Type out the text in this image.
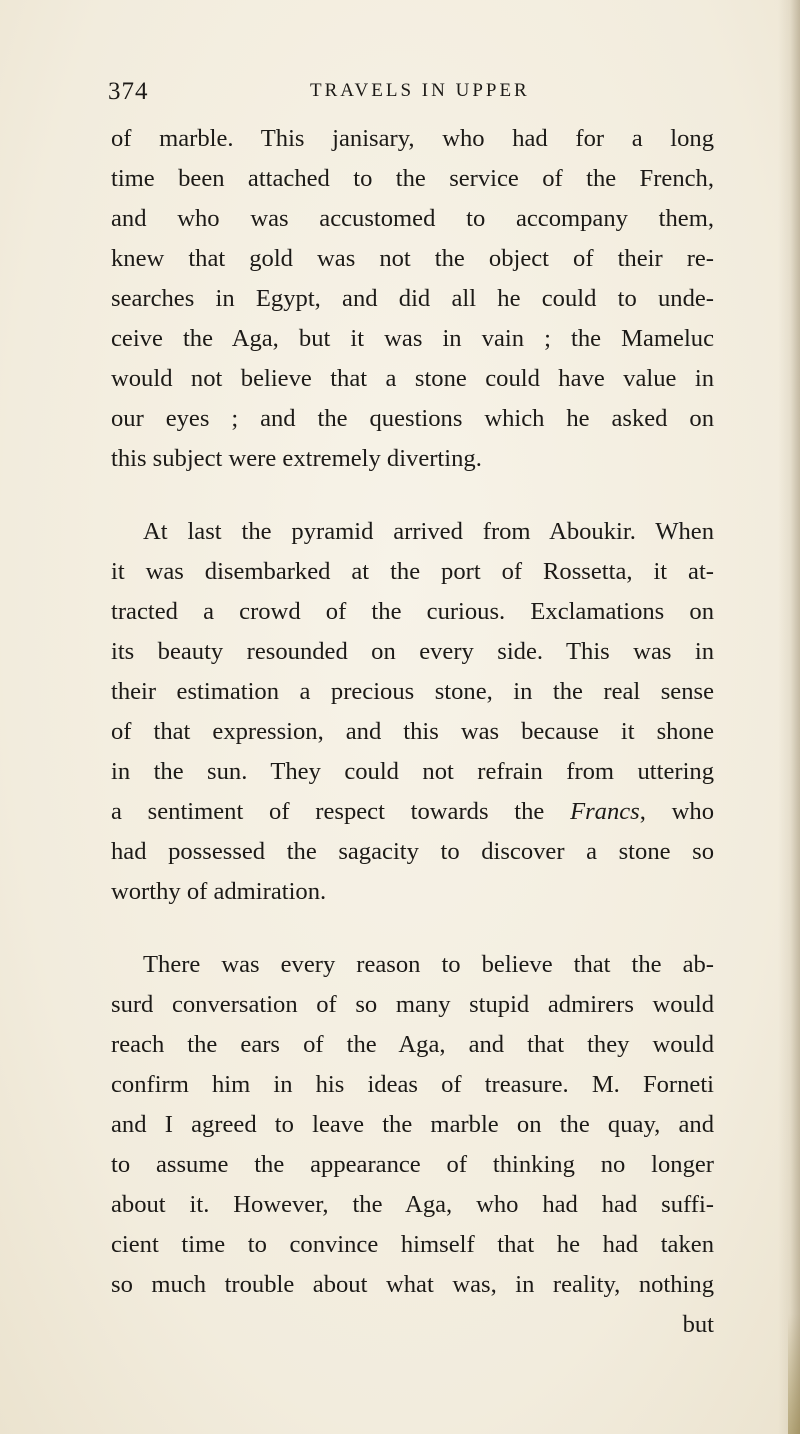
374	TRAVELS IN UPPER
of marble. This janisary, who had for a long
time been attached to the service of the French,
and who was accustomed to accompany them,
knew that gold was not the object of their re-
searches in Egypt, and did all he could to unde-
ceive the Aga, but it was in vain ; the Mameluc
would not believe that a stone could have value in
our eyes ; and the questions which he asked on
this subject were extremely diverting.
At last the pyramid arrived from Aboukir. When
it was disembarked at the port of Rossetta, it at-
tracted a crowd of the curious. Exclamations on
its beauty resounded on every side. This was in
their estimation a precious stone, in the real sense
of that expression, and this was because it shone
in the sun. They could not refrain from uttering
a sentiment of respect towards the Francs, who
had possessed the sagacity to discover a stone so
worthy of admiration.
There was every reason to believe that the ab-
surd conversation of so many stupid admirers would
reach the ears of the Aga, and that they would
confirm him in his ideas of treasure. M. Forneti
and I agreed to leave the marble on the quay, and
to assume the appearance of thinking no longer
about it. However, the Aga, who had had suffi-
cient time to convince himself that he had taken
so much trouble about what was, in reality, nothing
but
